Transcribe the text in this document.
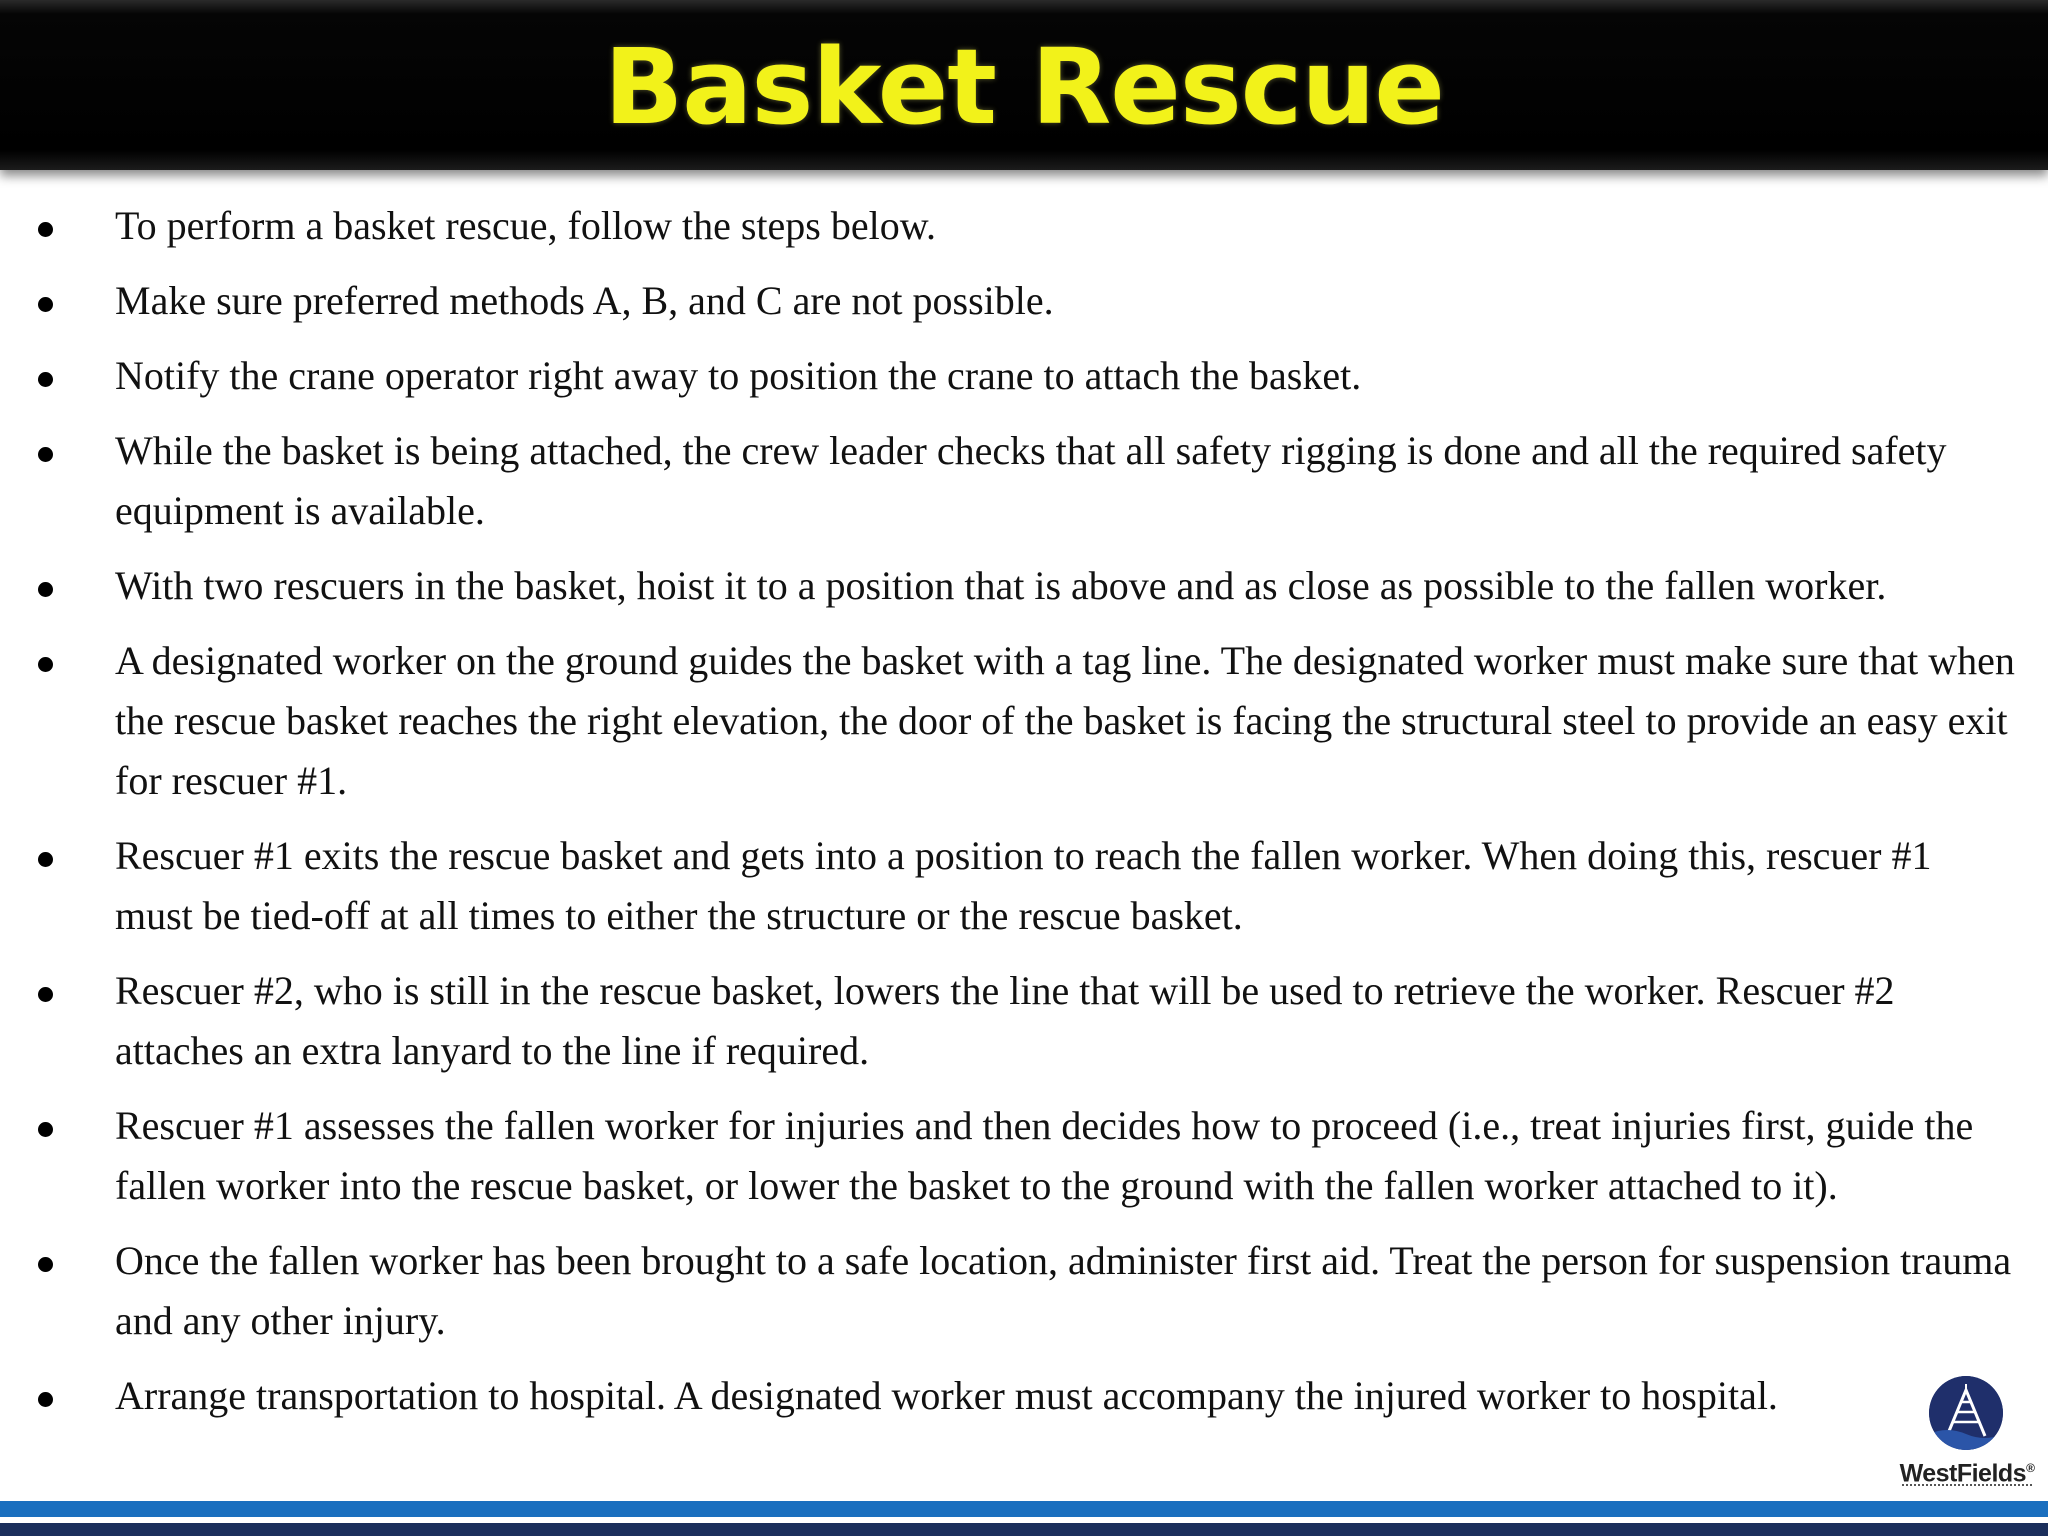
Basket Rescue
To perform a basket rescue, follow the steps below.
Make sure preferred methods A, B, and C are not possible.
Notify the crane operator right away to position the crane to attach the basket.
While the basket is being attached, the crew leader checks that all safety rigging is done and all the required safety equipment is available.
With two rescuers in the basket, hoist it to a position that is above and as close as possible to the fallen worker.
A designated worker on the ground guides the basket with a tag line. The designated worker must make sure that when the rescue basket reaches the right elevation, the door of the basket is facing the structural steel to provide an easy exit for rescuer #1.
Rescuer #1 exits the rescue basket and gets into a position to reach the fallen worker. When doing this, rescuer #1 must be tied-off at all times to either the structure or the rescue basket.
Rescuer #2, who is still in the rescue basket, lowers the line that will be used to retrieve the worker. Rescuer #2 attaches an extra lanyard to the line if required.
Rescuer #1 assesses the fallen worker for injuries and then decides how to proceed (i.e., treat injuries first, guide the fallen worker into the rescue basket, or lower the basket to the ground with the fallen worker attached to it).
Once the fallen worker has been brought to a safe location, administer first aid. Treat the person for suspension trauma and any other injury.
Arrange transportation to hospital. A designated worker must accompany the injured worker to hospital.
WestFields®
